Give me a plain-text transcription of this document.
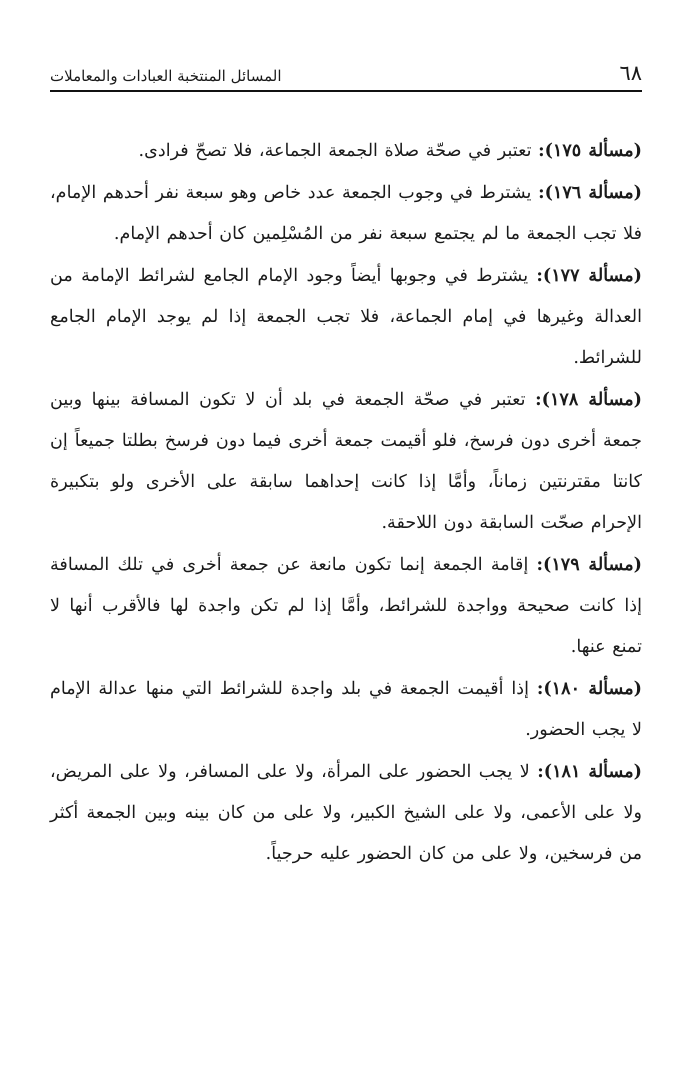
٦٨
المسائل المنتخبة العبادات والمعاملات

(مسألة ١٧٥): تعتبر في صحّة صلاة الجمعة الجماعة، فلا تصحّ فرادى.

(مسألة ١٧٦): يشترط في وجوب الجمعة عدد خاص وهو سبعة نفر أحدهم الإمام، فلا تجب الجمعة ما لم يجتمع سبعة نفر من المُسْلِمين كان أحدهم الإمام.

(مسألة ١٧٧): يشترط في وجوبها أيضاً وجود الإمام الجامع لشرائط الإمامة من العدالة وغيرها في إمام الجماعة، فلا تجب الجمعة إذا لم يوجد الإمام الجامع للشرائط.

(مسألة ١٧٨): تعتبر في صحّة الجمعة في بلد أن لا تكون المسافة بينها وبين جمعة أخرى دون فرسخ، فلو أقيمت جمعة أخرى فيما دون فرسخ بطلتا جميعاً إن كانتا مقترنتين زماناً، وأمَّا إذا كانت إحداهما سابقة على الأخرى ولو بتكبيرة الإحرام صحّت السابقة دون اللاحقة.

(مسألة ١٧٩): إقامة الجمعة إنما تكون مانعة عن جمعة أخرى في تلك المسافة إذا كانت صحيحة وواجدة للشرائط، وأمَّا إذا لم تكن واجدة لها فالأقرب أنها لا تمنع عنها.

(مسألة ١٨٠): إذا أقيمت الجمعة في بلد واجدة للشرائط التي منها عدالة الإمام لا يجب الحضور.

(مسألة ١٨١): لا يجب الحضور على المرأة، ولا على المسافر، ولا على المريض، ولا على الأعمى، ولا على الشيخ الكبير، ولا على من كان بينه وبين الجمعة أكثر من فرسخين، ولا على من كان الحضور عليه حرجياً.
